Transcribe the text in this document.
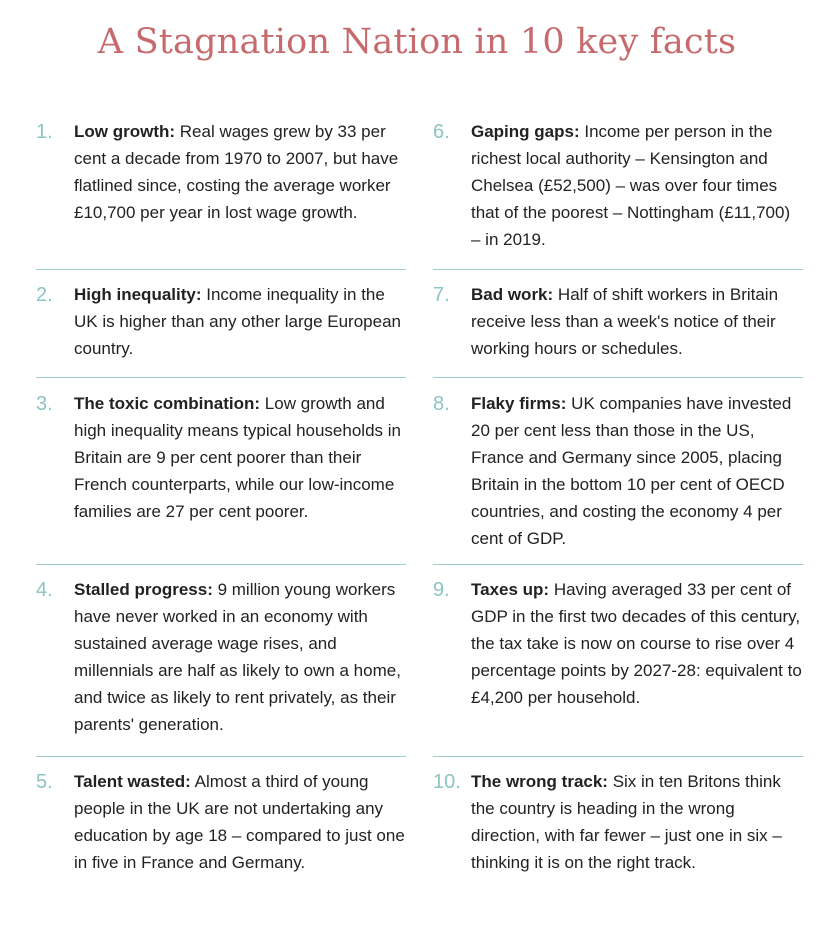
A Stagnation Nation in 10 key facts
1. Low growth: Real wages grew by 33 per cent a decade from 1970 to 2007, but have flatlined since, costing the average worker £10,700 per year in lost wage growth.

2. High inequality: Income inequality in the UK is higher than any other large European country.

3. The toxic combination: Low growth and high inequality means typical households in Britain are 9 per cent poorer than their French counterparts, while our low-income families are 27 per cent poorer.

4. Stalled progress: 9 million young workers have never worked in an economy with sustained average wage rises, and millennials are half as likely to own a home, and twice as likely to rent privately, as their parents' generation.

5. Talent wasted: Almost a third of young people in the UK are not undertaking any education by age 18 – compared to just one in five in France and Germany.

6. Gaping gaps: Income per person in the richest local authority – Kensington and Chelsea (£52,500) – was over four times that of the poorest – Nottingham (£11,700) – in 2019.

7. Bad work: Half of shift workers in Britain receive less than a week's notice of their working hours or schedules.

8. Flaky firms: UK companies have invested 20 per cent less than those in the US, France and Germany since 2005, placing Britain in the bottom 10 per cent of OECD countries, and costing the economy 4 per cent of GDP.

9. Taxes up: Having averaged 33 per cent of GDP in the first two decades of this century, the tax take is now on course to rise over 4 percentage points by 2027-28: equivalent to £4,200 per household.

10. The wrong track: Six in ten Britons think the country is heading in the wrong direction, with far fewer – just one in six – thinking it is on the right track.
